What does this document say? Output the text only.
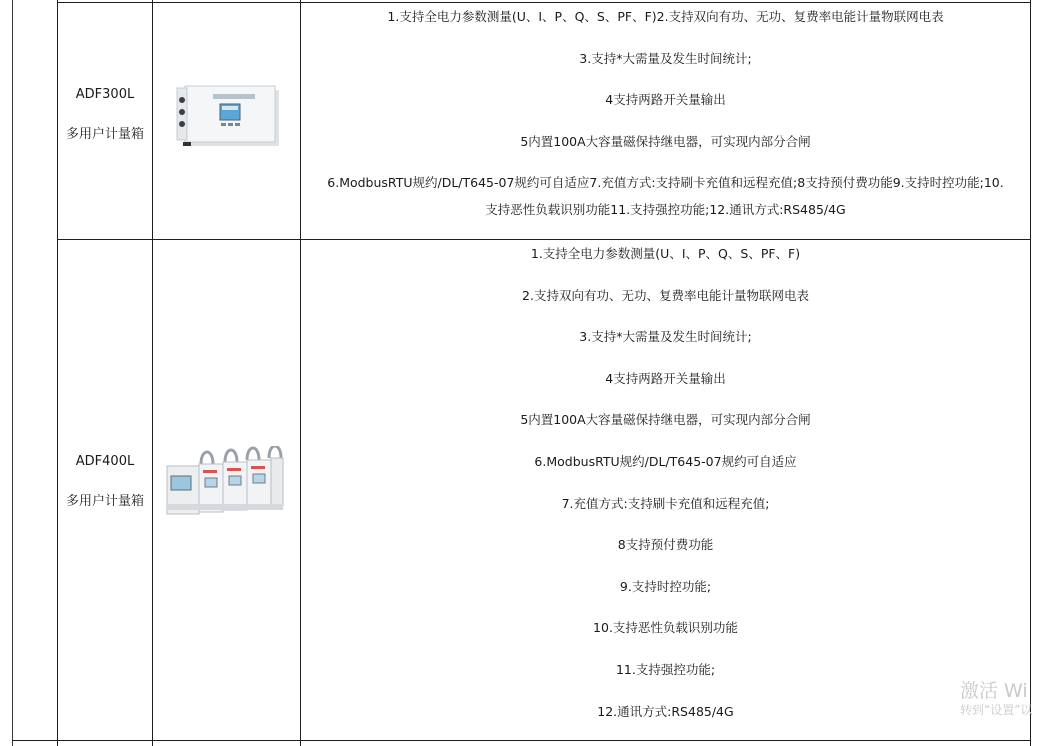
ADF300L
多用户计量箱
1.支持全电力参数测量(U、I、P、Q、S、PF、F)2.支持双向有功、无功、复费率电能计量物联网电表
3.支持*大需量及发生时间统计;
4支持两路开关量输出
5内置100A大容量磁保持继电器，可实现内部分合闸
6.ModbusRTU规约/DL/T645-07规约可自适应7.充值方式:支持刷卡充值和远程充值;8支持预付费功能9.支持时控功能;10.
支持恶性负载识别功能11.支持强控功能;12.通讯方式:RS485/4G
ADF400L
多用户计量箱
1.支持全电力参数测量(U、I、P、Q、S、PF、F)
2.支持双向有功、无功、复费率电能计量物联网电表
3.支持*大需量及发生时间统计;
4支持两路开关量输出
5内置100A大容量磁保持继电器，可实现内部分合闸
6.ModbusRTU规约/DL/T645-07规约可自适应
7.充值方式:支持刷卡充值和远程充值;
8支持预付费功能
9.支持时控功能;
10.支持恶性负载识别功能
11.支持强控功能;
12.通讯方式:RS485/4G
激活 Wi
转到“设置”以
